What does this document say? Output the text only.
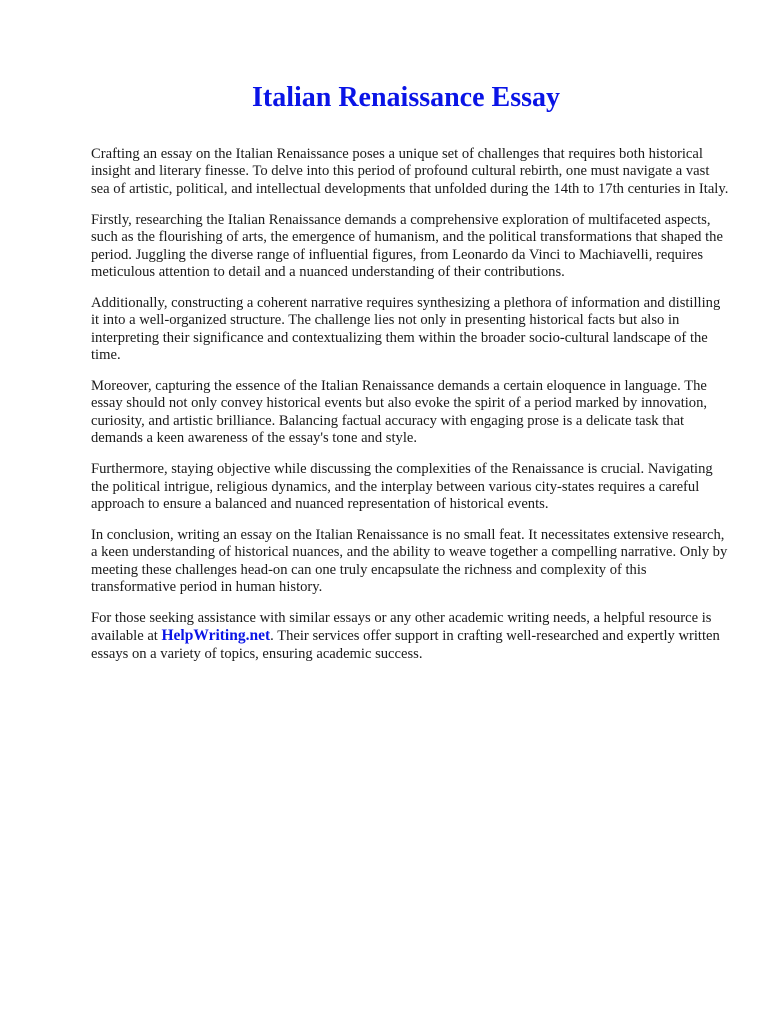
Italian Renaissance Essay

Crafting an essay on the Italian Renaissance poses a unique set of challenges that requires both historical insight and literary finesse. To delve into this period of profound cultural rebirth, one must navigate a vast sea of artistic, political, and intellectual developments that unfolded during the 14th to 17th centuries in Italy.

Firstly, researching the Italian Renaissance demands a comprehensive exploration of multifaceted aspects, such as the flourishing of arts, the emergence of humanism, and the political transformations that shaped the period. Juggling the diverse range of influential figures, from Leonardo da Vinci to Machiavelli, requires meticulous attention to detail and a nuanced understanding of their contributions.

Additionally, constructing a coherent narrative requires synthesizing a plethora of information and distilling it into a well-organized structure. The challenge lies not only in presenting historical facts but also in interpreting their significance and contextualizing them within the broader socio-cultural landscape of the time.

Moreover, capturing the essence of the Italian Renaissance demands a certain eloquence in language. The essay should not only convey historical events but also evoke the spirit of a period marked by innovation, curiosity, and artistic brilliance. Balancing factual accuracy with engaging prose is a delicate task that demands a keen awareness of the essay's tone and style.

Furthermore, staying objective while discussing the complexities of the Renaissance is crucial. Navigating the political intrigue, religious dynamics, and the interplay between various city-states requires a careful approach to ensure a balanced and nuanced representation of historical events.

In conclusion, writing an essay on the Italian Renaissance is no small feat. It necessitates extensive research, a keen understanding of historical nuances, and the ability to weave together a compelling narrative. Only by meeting these challenges head-on can one truly encapsulate the richness and complexity of this transformative period in human history.

For those seeking assistance with similar essays or any other academic writing needs, a helpful resource is available at HelpWriting.net. Their services offer support in crafting well-researched and expertly written essays on a variety of topics, ensuring academic success.
